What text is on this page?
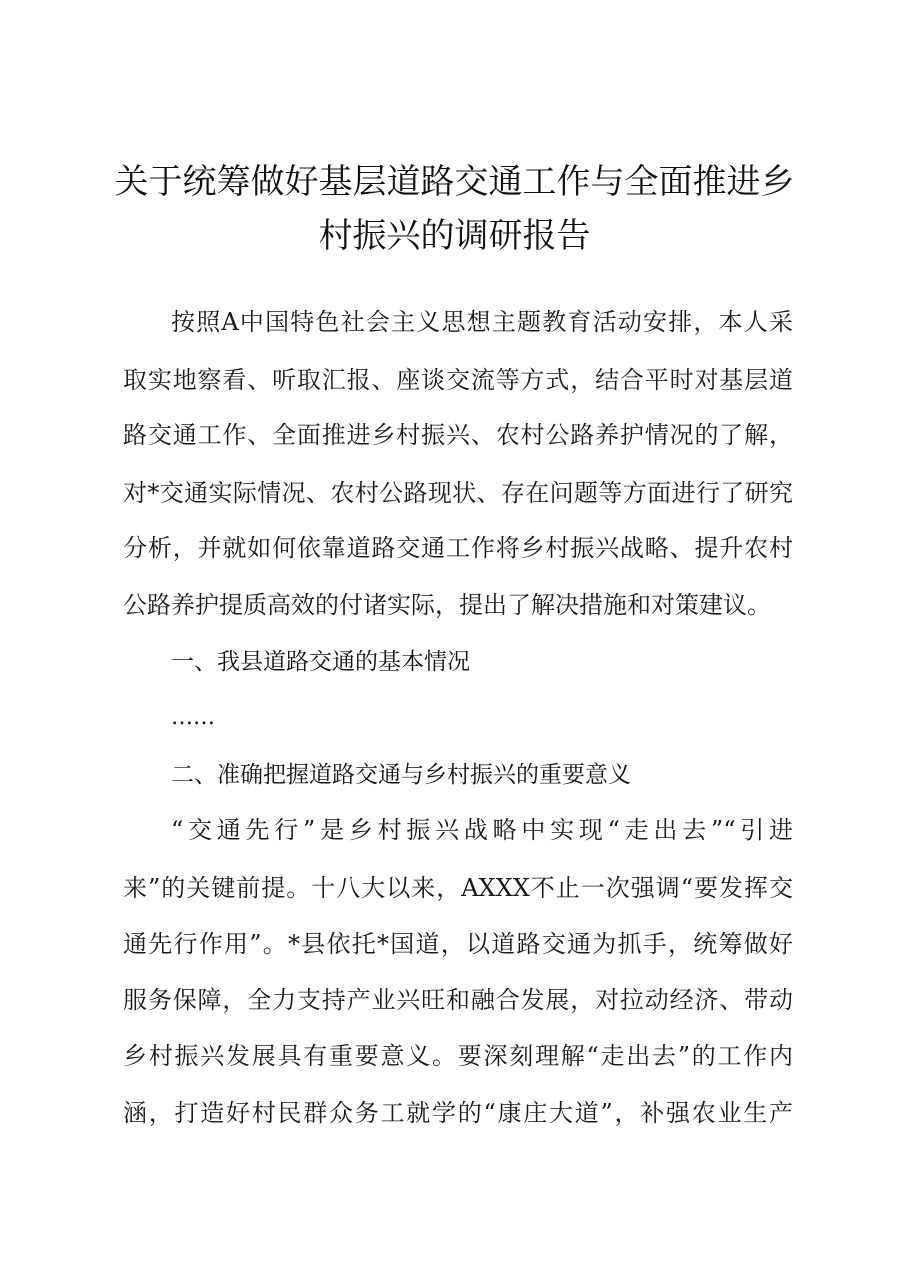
关于统筹做好基层道路交通工作与全面推进乡
村振兴的调研报告
按照A中国特色社会主义思想主题教育活动安排，本人采
取实地察看、听取汇报、座谈交流等方式，结合平时对基层道
路交通工作、全面推进乡村振兴、农村公路养护情况的了解，
对*交通实际情况、农村公路现状、存在问题等方面进行了研究
分析，并就如何依靠道路交通工作将乡村振兴战略、提升农村
公路养护提质高效的付诸实际，提出了解决措施和对策建议。
一、我县道路交通的基本情况
……
二、准确把握道路交通与乡村振兴的重要意义
“交通先行”是乡村振兴战略中实现“走出去”“引进
来”的关键前提。十八大以来，AXXX不止一次强调“要发挥交
通先行作用”。*县依托*国道，以道路交通为抓手，统筹做好
服务保障，全力支持产业兴旺和融合发展，对拉动经济、带动
乡村振兴发展具有重要意义。要深刻理解“走出去”的工作内
涵，打造好村民群众务工就学的“康庄大道”，补强农业生产
